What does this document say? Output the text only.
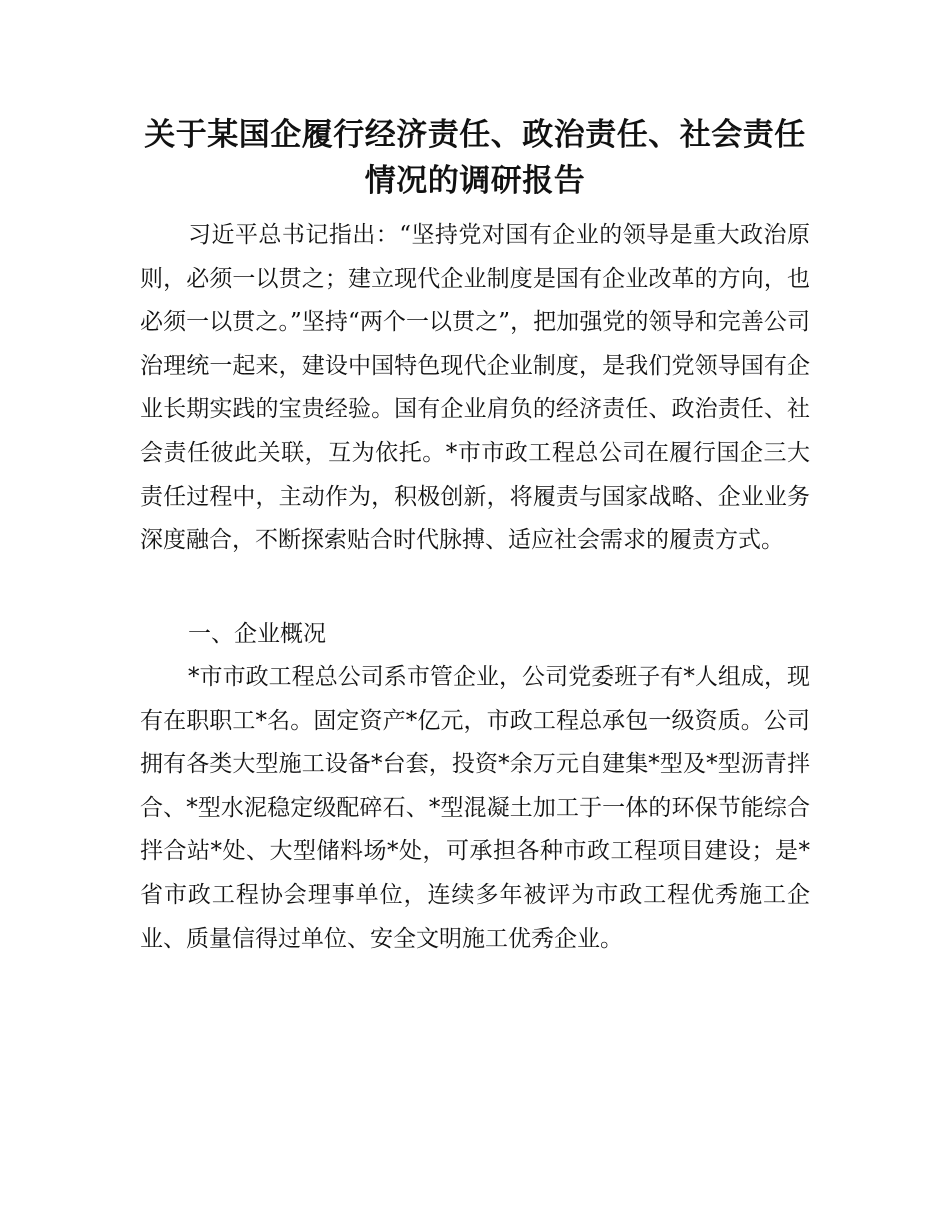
关于某国企履行经济责任、政治责任、社会责任情况的调研报告

习近平总书记指出：“坚持党对国有企业的领导是重大政治原则，必须一以贯之；建立现代企业制度是国有企业改革的方向，也必须一以贯之。”坚持“两个一以贯之”，把加强党的领导和完善公司治理统一起来，建设中国特色现代企业制度，是我们党领导国有企业长期实践的宝贵经验。国有企业肩负的经济责任、政治责任、社会责任彼此关联，互为依托。*市市政工程总公司在履行国企三大责任过程中，主动作为，积极创新，将履责与国家战略、企业业务深度融合，不断探索贴合时代脉搏、适应社会需求的履责方式。

一、企业概况

*市市政工程总公司系市管企业，公司党委班子有*人组成，现有在职职工*名。固定资产*亿元，市政工程总承包一级资质。公司拥有各类大型施工设备*台套，投资*余万元自建集*型及*型沥青拌合、*型水泥稳定级配碎石、*型混凝土加工于一体的环保节能综合拌合站*处、大型储料场*处，可承担各种市政工程项目建设；是*省市政工程协会理事单位，连续多年被评为市政工程优秀施工企业、质量信得过单位、安全文明施工优秀企业。
